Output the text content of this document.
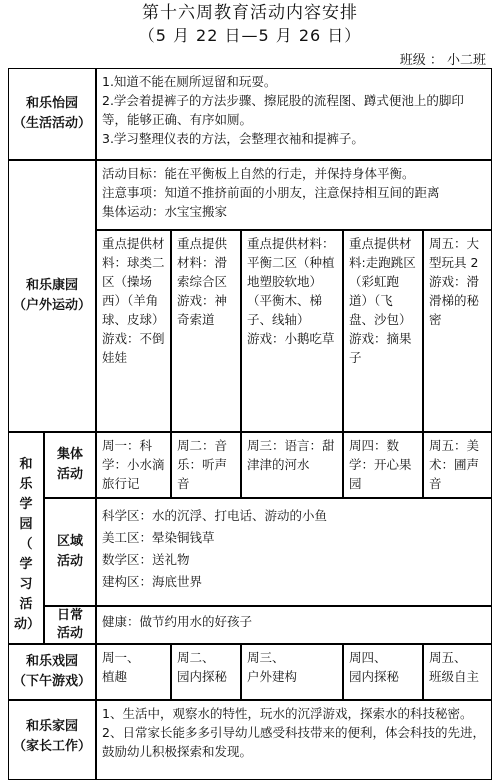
第十六周教育活动内容安排
（5 月 22 日—5 月 26 日）
班级 ： 小二班
和乐怡园
（生活活动）

1.知道不能在厕所逗留和玩耍。

2.学会着提裤子的方法步骤、擦屁股的流程图、蹲式便池上的脚印等，能够正确、有序如厕。

3.学习整理仪表的方法，会整理衣袖和提裤子。

和乐康园
（户外运动）

活动目标：能在平衡板上自然的行走，并保持身体平衡。

注意事项：知道不推挤前面的小朋友，注意保持相互间的距离

集体运动：水宝宝搬家

重点提供材料：球类二区（操场西）（羊角球、皮球）
游戏：不倒娃娃
重点提供材料：滑索综合区
游戏：神奇索道
重点提供材料：平衡二区（种植地塑胶软地）（平衡木、梯子、线轴）
游戏：小鹅吃草
重点提供材料:走跑跳区（彩虹跑道）（飞盘、沙包）
游戏：摘果子
周五：大型玩具 2
游戏：滑滑梯的秘密
和
乐
学
园
（
学
习
活
动）
集体
活动
周一：科学：小水滴旅行记
周二：音乐：听声音
周三：语言：甜津津的河水
周四：数学：开心果园
周五：美术：圃声音
区域
活动

科学区：水的沉浮、打电话、游动的小鱼

美工区：晕染铜钱草

数学区：送礼物

建构区：海底世界

日常
活动
健康：做节约用水的好孩子
和乐戏园
（下午游戏）
周一、
植趣
周二、
园内探秘
周三、
户外建构
周四、
园内探秘
周五、
班级自主
和乐家园
（家长工作）

1、生活中，观察水的特性，玩水的沉浮游戏，探索水的科技秘密。

2、日常家长能多多引导幼儿感受科技带来的便利，体会科技的先进，鼓励幼儿积极探索和发现。
